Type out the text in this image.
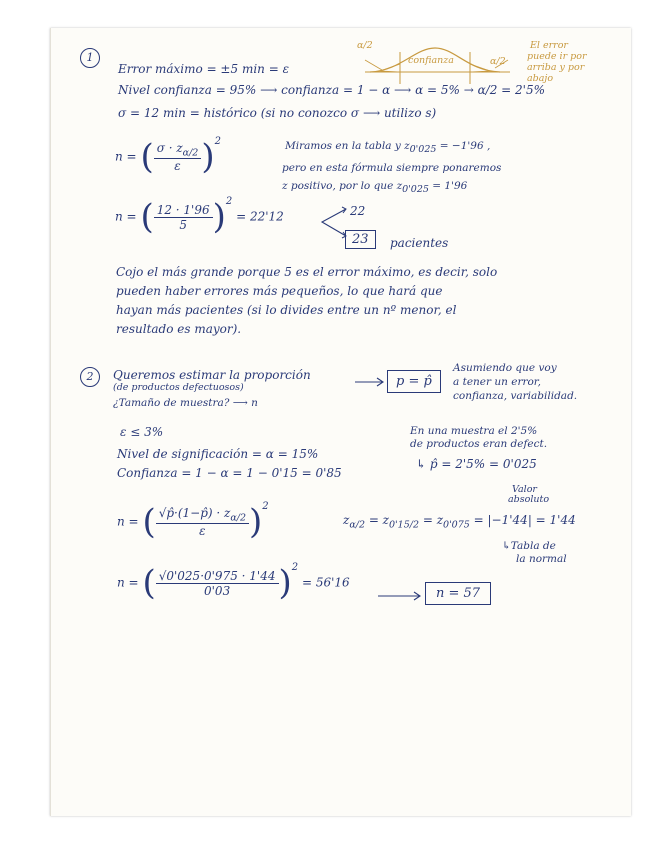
1
α/2
confianza	α/2
El error
puede ir por
arriba y por
abajo
Error máximo = ±5 min = ε
Nivel confianza = 95% ⟶ confianza = 1 − α ⟶ α = 5% → α/2 = 2'5%
σ = 12 min = histórico (si no conozco σ ⟶ utilizo s)
n = ( $\frac{\sigma \cdot z_{\alpha/2}}{\varepsilon} )^2$	Miramos en la tabla y $z_{0'025} = -1'96$ ,
pero en esta fórmula siempre ponaremos
z positivo, por lo que $z_{0'025} = 1'96$
n = ( $\frac{12 \cdot 1'96}{5} )^2 = 22'12$	22
23	pacientes
Cojo el más grande porque 5 es el error máximo, es decir, solo
pueden haber errores más pequeños, lo que hará que
hayan más pacientes (si lo divides entre un nº menor, el
resultado es mayor).
2	Queremos estimar la proporción
(de productos defectuosos)
¿Tamaño de muestra? ⟶ n
p = p̂
Asumiendo que voy
a tener un error,
confianza, variabilidad.
ε ≤ 3%
Nivel de significación = α = 15%
Confianza = 1 − α = 1 − 0'15 = 0'85
En una muestra el 2'5%
de productos eran defect.
↳ p̂ = 2'5% = 0'025
n = ( $\frac{√p̂\cdot(1-p̂) \cdot z_{\alpha/2}}{\varepsilon} )^2$
Valor
absoluto
$z_{\alpha/2} = z_{0'15/2} = z_{0'075} = |-1'44| = 1'44$
↳Tabla de
la normal
n = ( $\frac{√0'025\cdot 0'975 \cdot 1'44}{0'03} )^2 = 56'16$
n = 57
